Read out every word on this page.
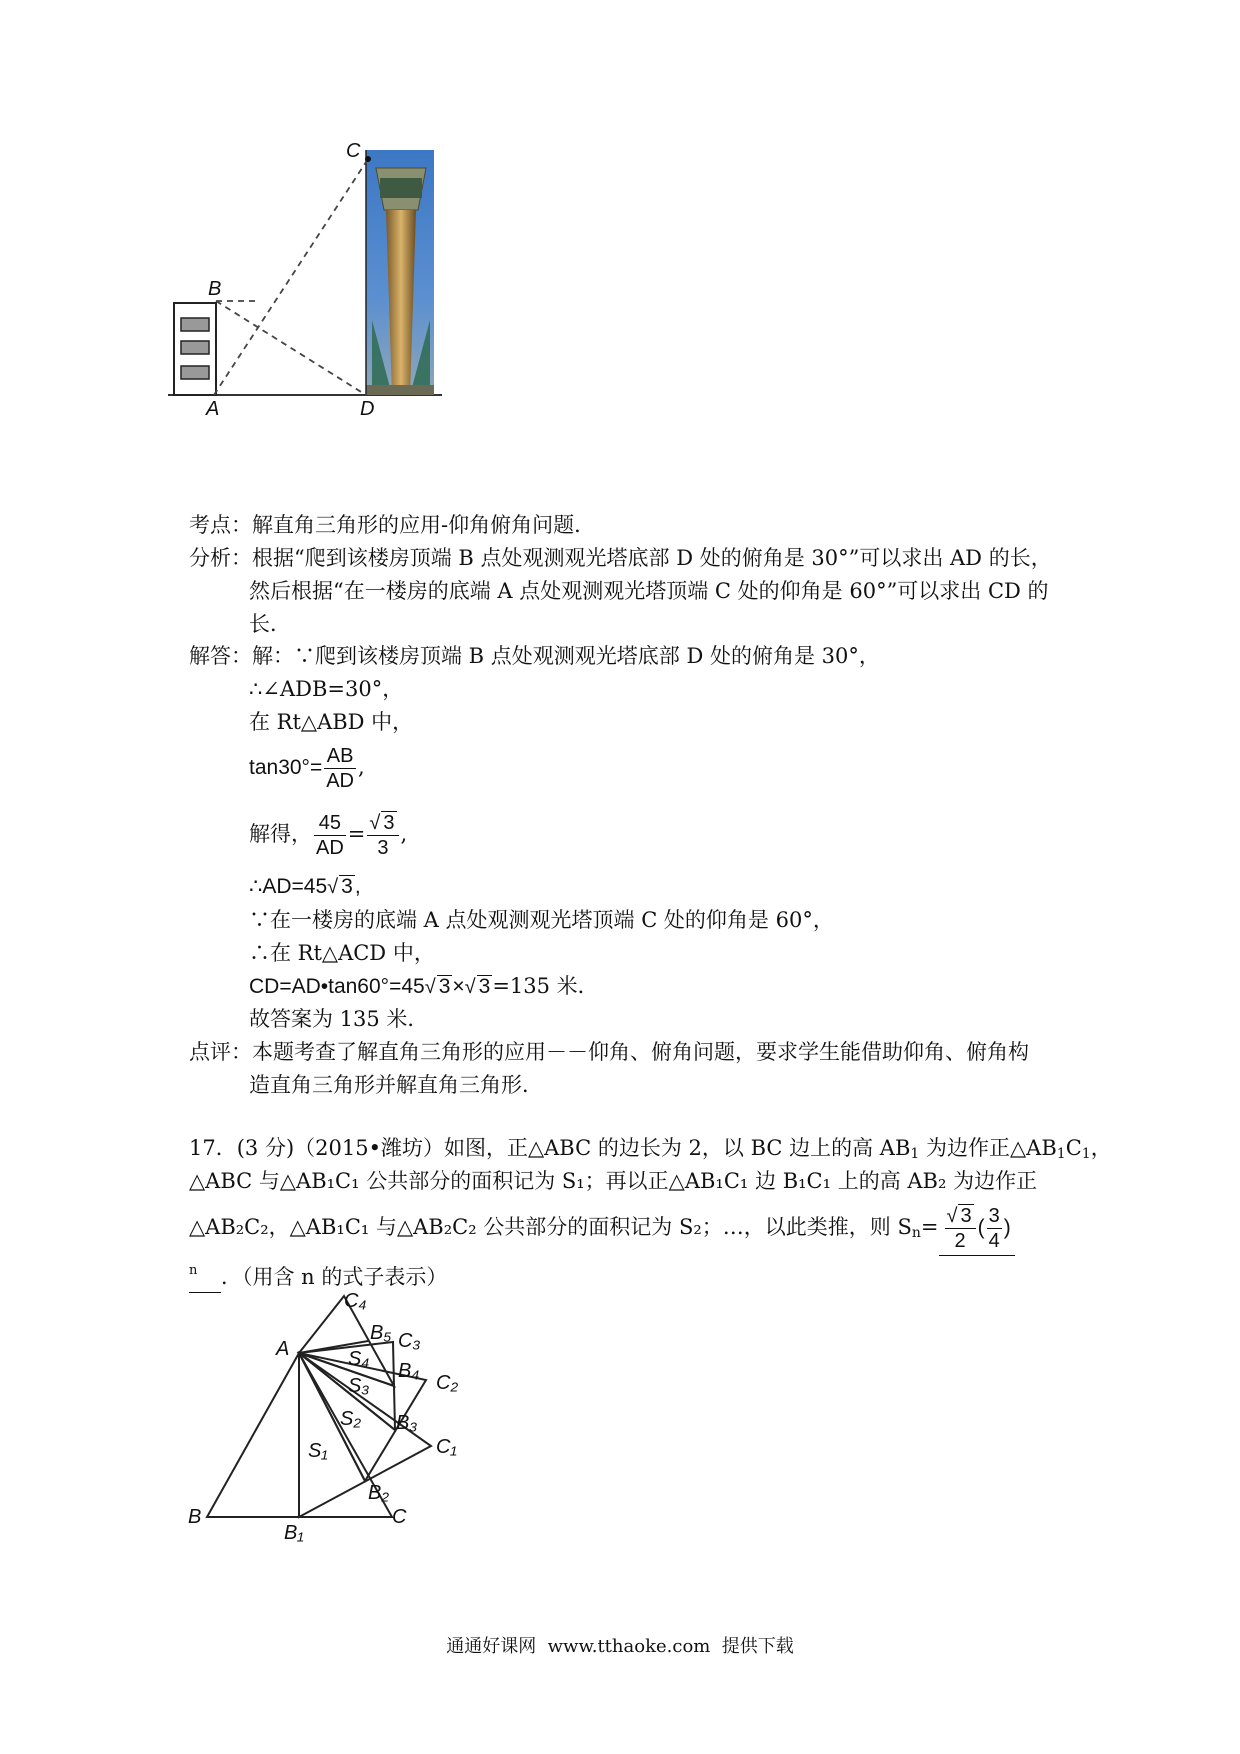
C
B
A	D
考点：解直角三角形的应用-仰角俯角问题．
分析：根据“爬到该楼房顶端 B 点处观测观光塔底部 D 处的俯角是 30°”可以求出 AD 的长，
然后根据“在一楼房的底端 A 点处观测观光塔顶端 C 处的仰角是 60°”可以求出 CD 的
长．
解答：解：∵爬到该楼房顶端 B 点处观测观光塔底部 D 处的俯角是 30°，
∴∠ADB=30°，
在 Rt△ABD 中，
$\tan 30^\circ= \frac{AB}{AD}$ ,
解得， $\frac{45}{AD} = \frac{√ 3}{3}$ ,
∴AD=45√ 3,
∵在一楼房的底端 A 点处观测观光塔顶端 C 处的仰角是 60°，
∴在 Rt△ACD 中，
CD=AD•tan60°=45√ 3×√ 3=135 米．
故答案为 135 米．
点评：本题考查了解直角三角形的应用－－仰角、俯角问题，要求学生能借助仰角、俯角构
造直角三角形并解直角三角形．
17．(3 分)（2015•潍坊）如图，正△ABC 的边长为 2，以 BC 边上的高 $AB_1$ 为边作正$\triangle AB_1C_1$，
△ABC 与△AB₁C₁ 公共部分的面积记为 S₁；再以正△AB₁C₁ 边 B₁C₁ 上的高 AB₂ 为边作正
△AB₂C₂，△AB₁C₁ 与△AB₂C₂ 公共部分的面积记为 S₂；…，以此类推，则 $S_n= \frac{√ 3}{2}$ ( $\frac{3}{4}$ )
n ．（用含 n 的式子表示）
A
B
B₁
C
B₂
C₁
B₃
C₂
B₄
C₃
B₅
C₄
S₁
S₂
S₃
S₄
通通好课网  www.tthaoke.com  提供下载
